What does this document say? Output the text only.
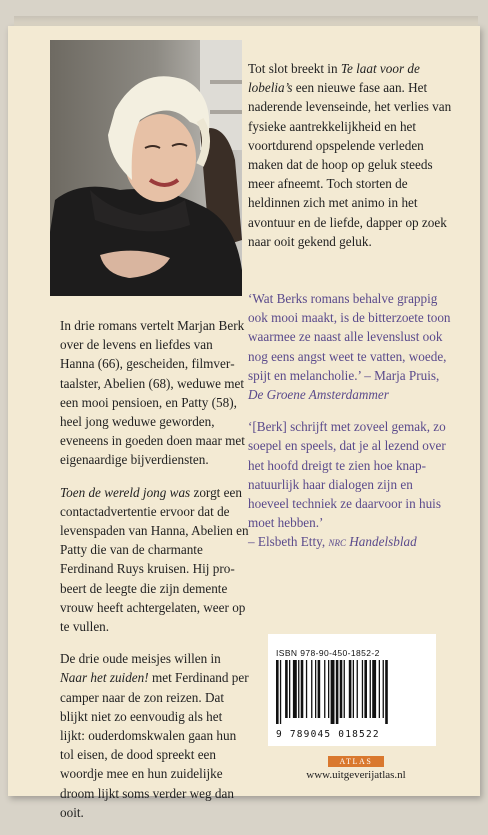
In drie romans vertelt Marjan Berk over de levens en liefdes van Hanna (66), gescheiden, filmvertaalster, Abelien (68), weduwe met een mooi pensioen, en Patty (58), heel jong weduwe geworden, eveneens in goeden doen maar met eigenaardige bijverdiensten.

Toen de wereld jong was zorgt een contactadvertentie ervoor dat de levenspaden van Hanna, Abelien en Patty die van de charmante Ferdinand Ruys kruisen. Hij probeert de leegte die zijn demente vrouw heeft achtergelaten, weer op te vullen.

De drie oude meisjes willen in Naar het zuiden! met Ferdinand per camper naar de zon reizen. Dat blijkt niet zo eenvoudig als het lijkt: ouderdomskwalen gaan hun tol eisen, de dood spreekt een woordje mee en hun zuidelijke droom lijkt soms verder weg dan ooit.

Tot slot breekt in Te laat voor de lobelia’s een nieuwe fase aan. Het naderende levenseinde, het verlies van fysieke aantrekkelijkheid en het voortdurend opspelende verleden maken dat de hoop op geluk steeds meer afneemt. Toch storten de heldinnen zich met animo in het avontuur en de liefde, dapper op zoek naar ooit gekend geluk.

‘Wat Berks romans behalve grappig ook mooi maakt, is de bitterzoete toon waarmee ze naast alle levenslust ook nog eens angst weet te vatten, woede, spijt en melancholie.’ – Marja Pruis,
De Groene Amsterdammer

‘[Berk] schrijft met zoveel gemak, zo soepel en speels, dat je al lezend over het hoofd dreigt te zien hoe knap-natuurlijk haar dialogen zijn en hoeveel techniek ze daarvoor in huis moet hebben.’
– Elsbeth Etty, nrc Handelsblad

ISBN 978-90-450-1852-2
9 789045 018522
ATLAS
www.uitgeverijatlas.nl
